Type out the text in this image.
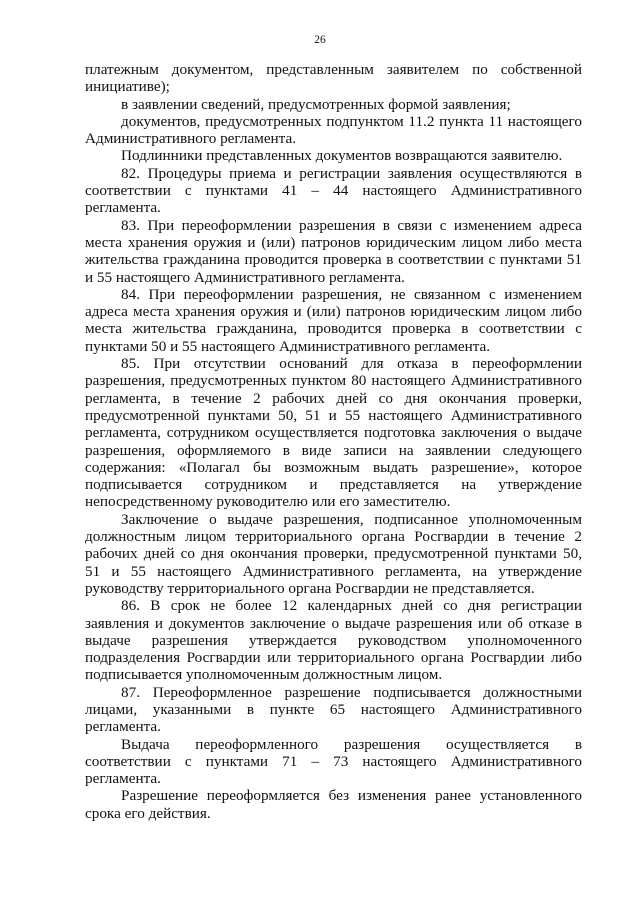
26

платежным документом, представленным заявителем по собственной инициативе);

в заявлении сведений, предусмотренных формой заявления;

документов, предусмотренных подпунктом 11.2 пункта 11 настоящего Административного регламента.

Подлинники представленных документов возвращаются заявителю.

82. Процедуры приема и регистрации заявления осуществляются в соответствии с пунктами 41 – 44 настоящего Административного регламента.

83. При переоформлении разрешения в связи с изменением адреса места хранения оружия и (или) патронов юридическим лицом либо места жительства гражданина проводится проверка в соответствии с пунктами 51 и 55 настоящего Административного регламента.

84. При переоформлении разрешения, не связанном с изменением адреса места хранения оружия и (или) патронов юридическим лицом либо места жительства гражданина, проводится проверка в соответствии с пунктами 50 и 55 настоящего Административного регламента.

85. При отсутствии оснований для отказа в переоформлении разрешения, предусмотренных пунктом 80 настоящего Административного регламента, в течение 2 рабочих дней со дня окончания проверки, предусмотренной пунктами 50, 51 и 55 настоящего Административного регламента, сотрудником осуществляется подготовка заключения о выдаче разрешения, оформляемого в виде записи на заявлении следующего содержания: «Полагал бы возможным выдать разрешение», которое подписывается сотрудником и представляется на утверждение непосредственному руководителю или его заместителю.

Заключение о выдаче разрешения, подписанное уполномоченным должностным лицом территориального органа Росгвардии в течение 2 рабочих дней со дня окончания проверки, предусмотренной пунктами 50, 51 и 55 настоящего Административного регламента, на утверждение руководству территориального органа Росгвардии не представляется.

86. В срок не более 12 календарных дней со дня регистрации заявления и документов заключение о выдаче разрешения или об отказе в выдаче разрешения утверждается руководством уполномоченного подразделения Росгвардии или территориального органа Росгвардии либо подписывается уполномоченным должностным лицом.

87. Переоформленное разрешение подписывается должностными лицами, указанными в пункте 65 настоящего Административного регламента.

Выдача переоформленного разрешения осуществляется в соответствии с пунктами 71 – 73 настоящего Административного регламента.

Разрешение переоформляется без изменения ранее установленного срока его действия.
